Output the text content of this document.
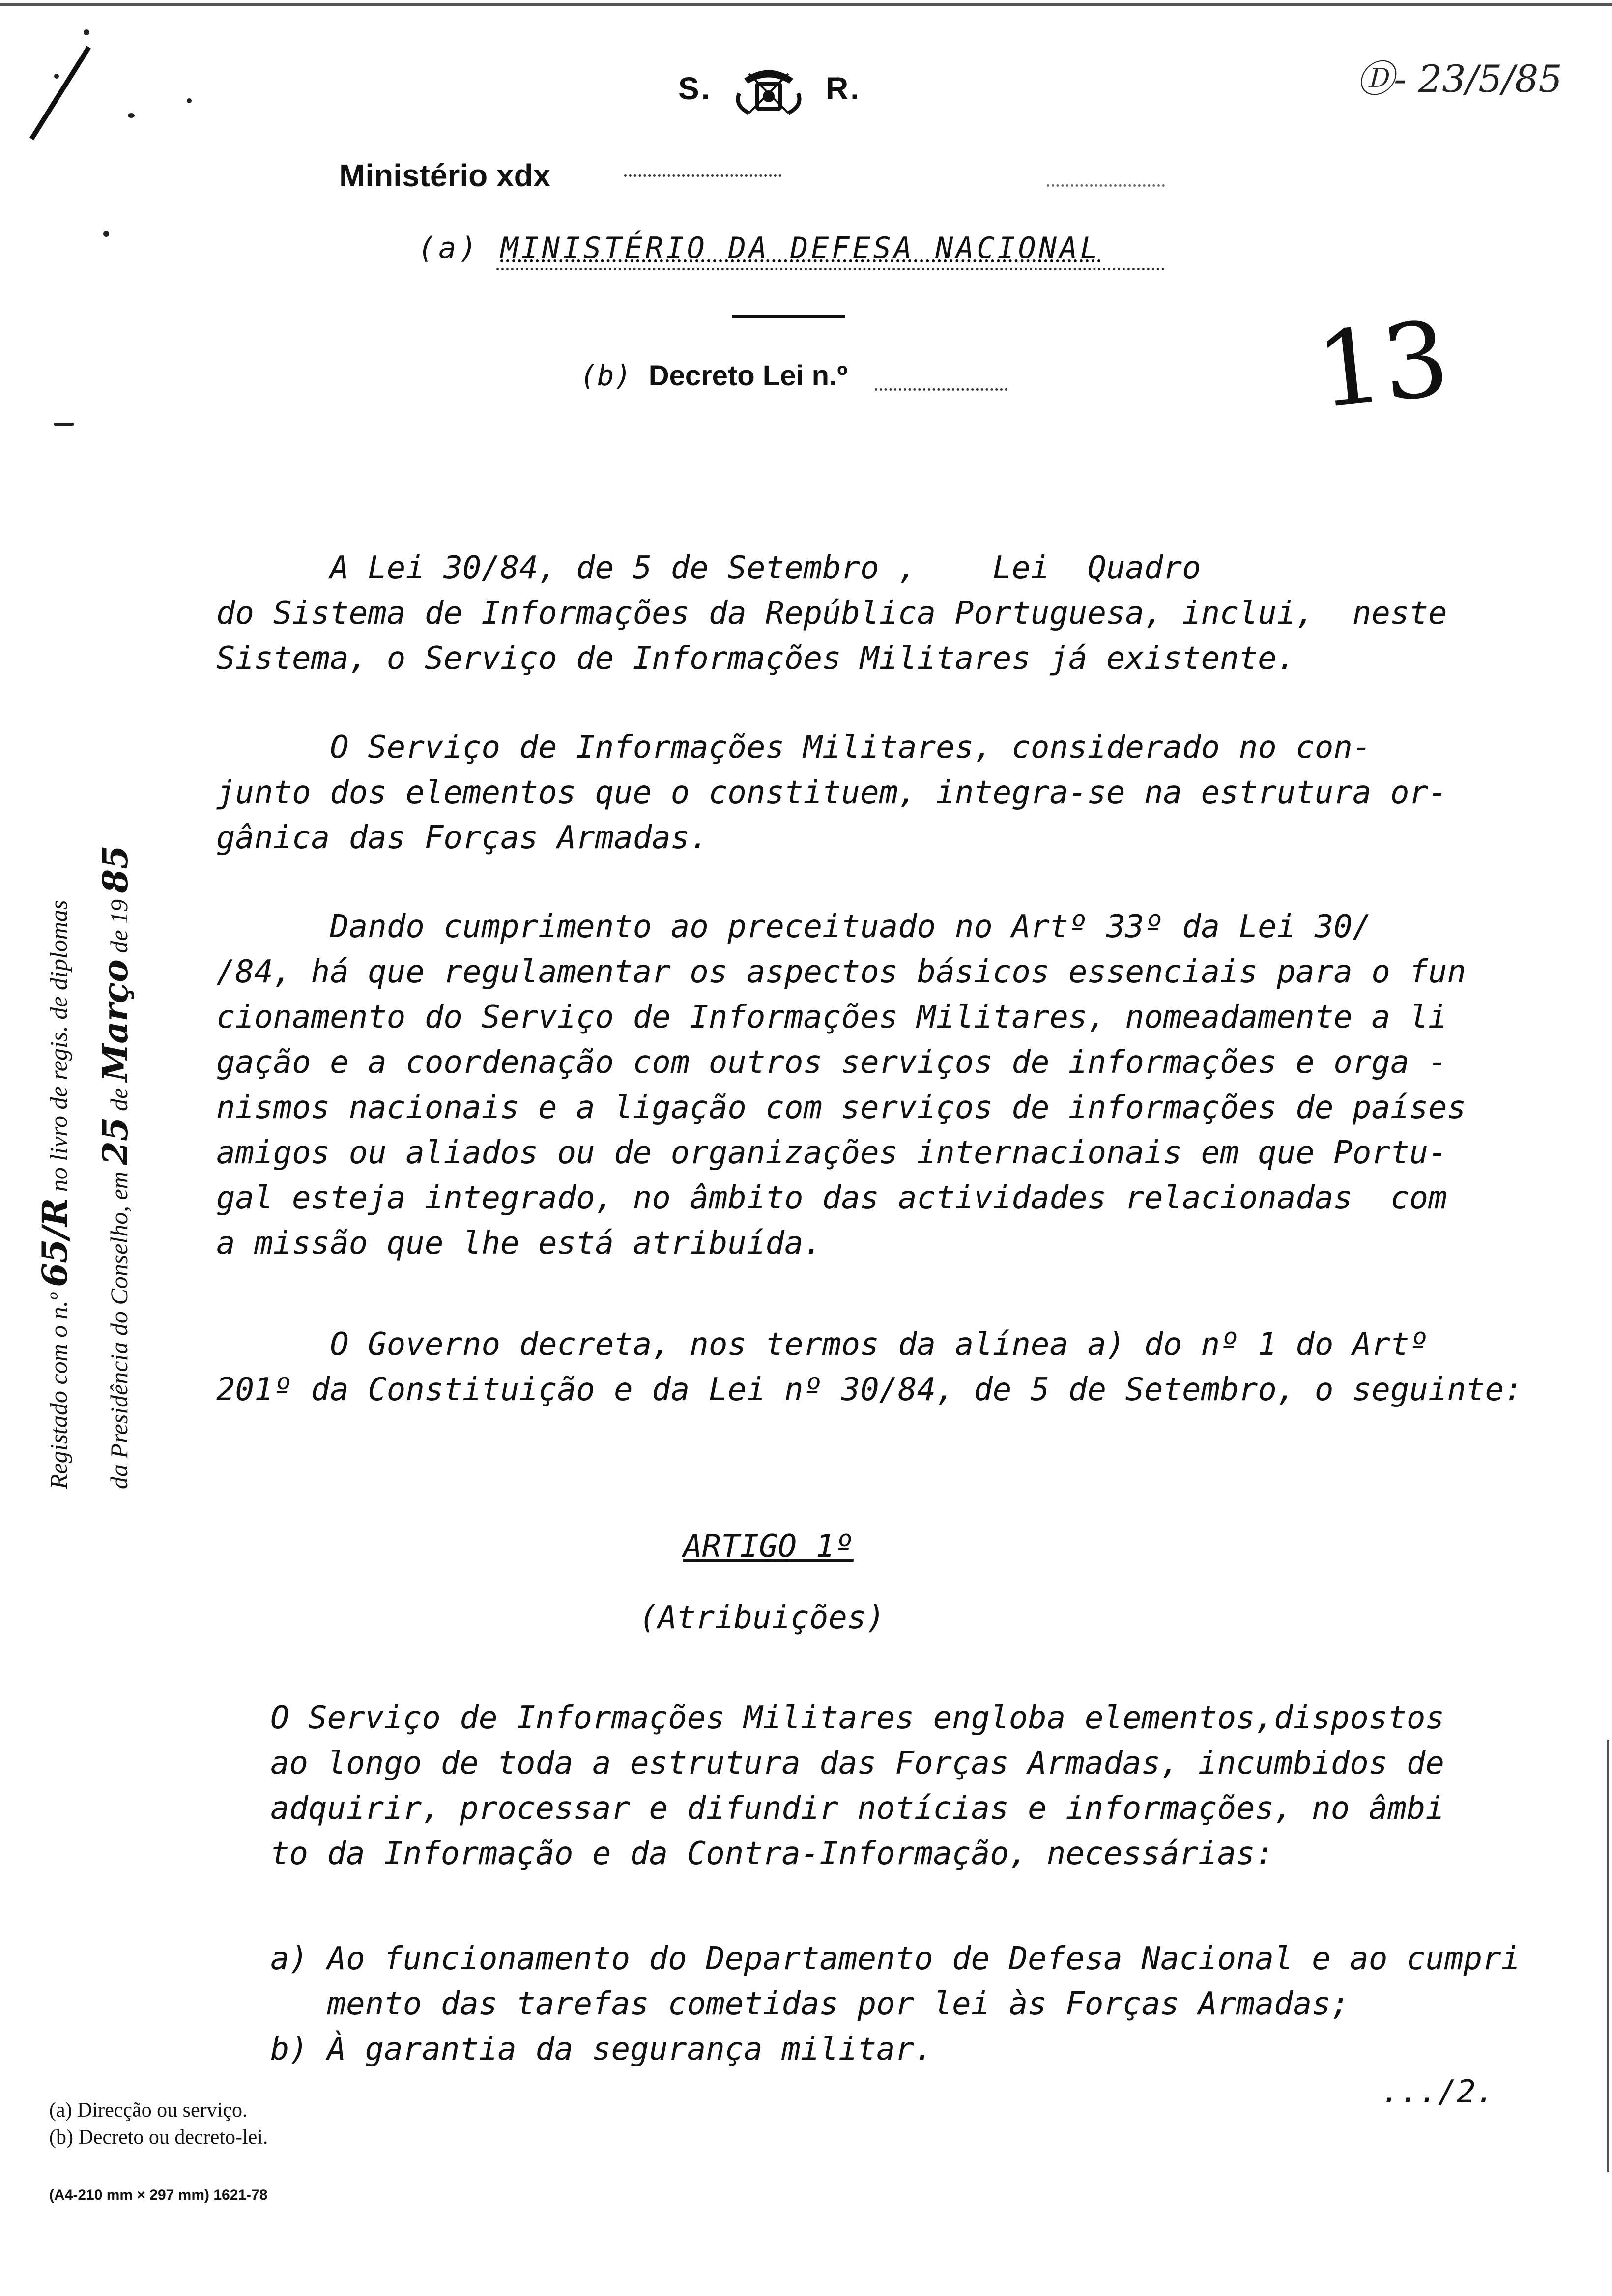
S.	R.	Ⓓ- 23/5/85
Ministério xdx
(a) MINISTÉRIO DA DEFESA NACIONAL
(b) Decreto Lei n.º	13
A Lei 30/84, de 5 de Setembro ,    Lei  Quadro
do Sistema de Informações da República Portuguesa, inclui,  neste
Sistema, o Serviço de Informações Militares já existente.
O Serviço de Informações Militares, considerado no con-
junto dos elementos que o constituem, integra-se na estrutura or-
gânica das Forças Armadas.
Dando cumprimento ao preceituado no Artº 33º da Lei 30/
/84, há que regulamentar os aspectos básicos essenciais para o fun
cionamento do Serviço de Informações Militares, nomeadamente a li
gação e a coordenação com outros serviços de informações e orga -
nismos nacionais e a ligação com serviços de informações de países
amigos ou aliados ou de organizações internacionais em que Portu-
gal esteja integrado, no âmbito das actividades relacionadas  com
a missão que lhe está atribuída.
O Governo decreta, nos termos da alínea a) do nº 1 do Artº
201º da Constituição e da Lei nº 30/84, de 5 de Setembro, o seguinte:
ARTIGO 1º
(Atribuições)
O Serviço de Informações Militares engloba elementos,dispostos
ao longo de toda a estrutura das Forças Armadas, incumbidos de
adquirir, processar e difundir notícias e informações, no âmbi
to da Informação e da Contra-Informação, necessárias:
a) Ao funcionamento do Departamento de Defesa Nacional e ao cumpri
mento das tarefas cometidas por lei às Forças Armadas;
b) À garantia da segurança militar.
.../2.
(a) Direcção ou serviço.
(b) Decreto ou decreto-lei.
(A4-210 mm × 297 mm) 1621-78
Registado com o n.º 65/R no livro de regis. de diplomas
da Presidência do Conselho, em 25 de Março de 19 85
